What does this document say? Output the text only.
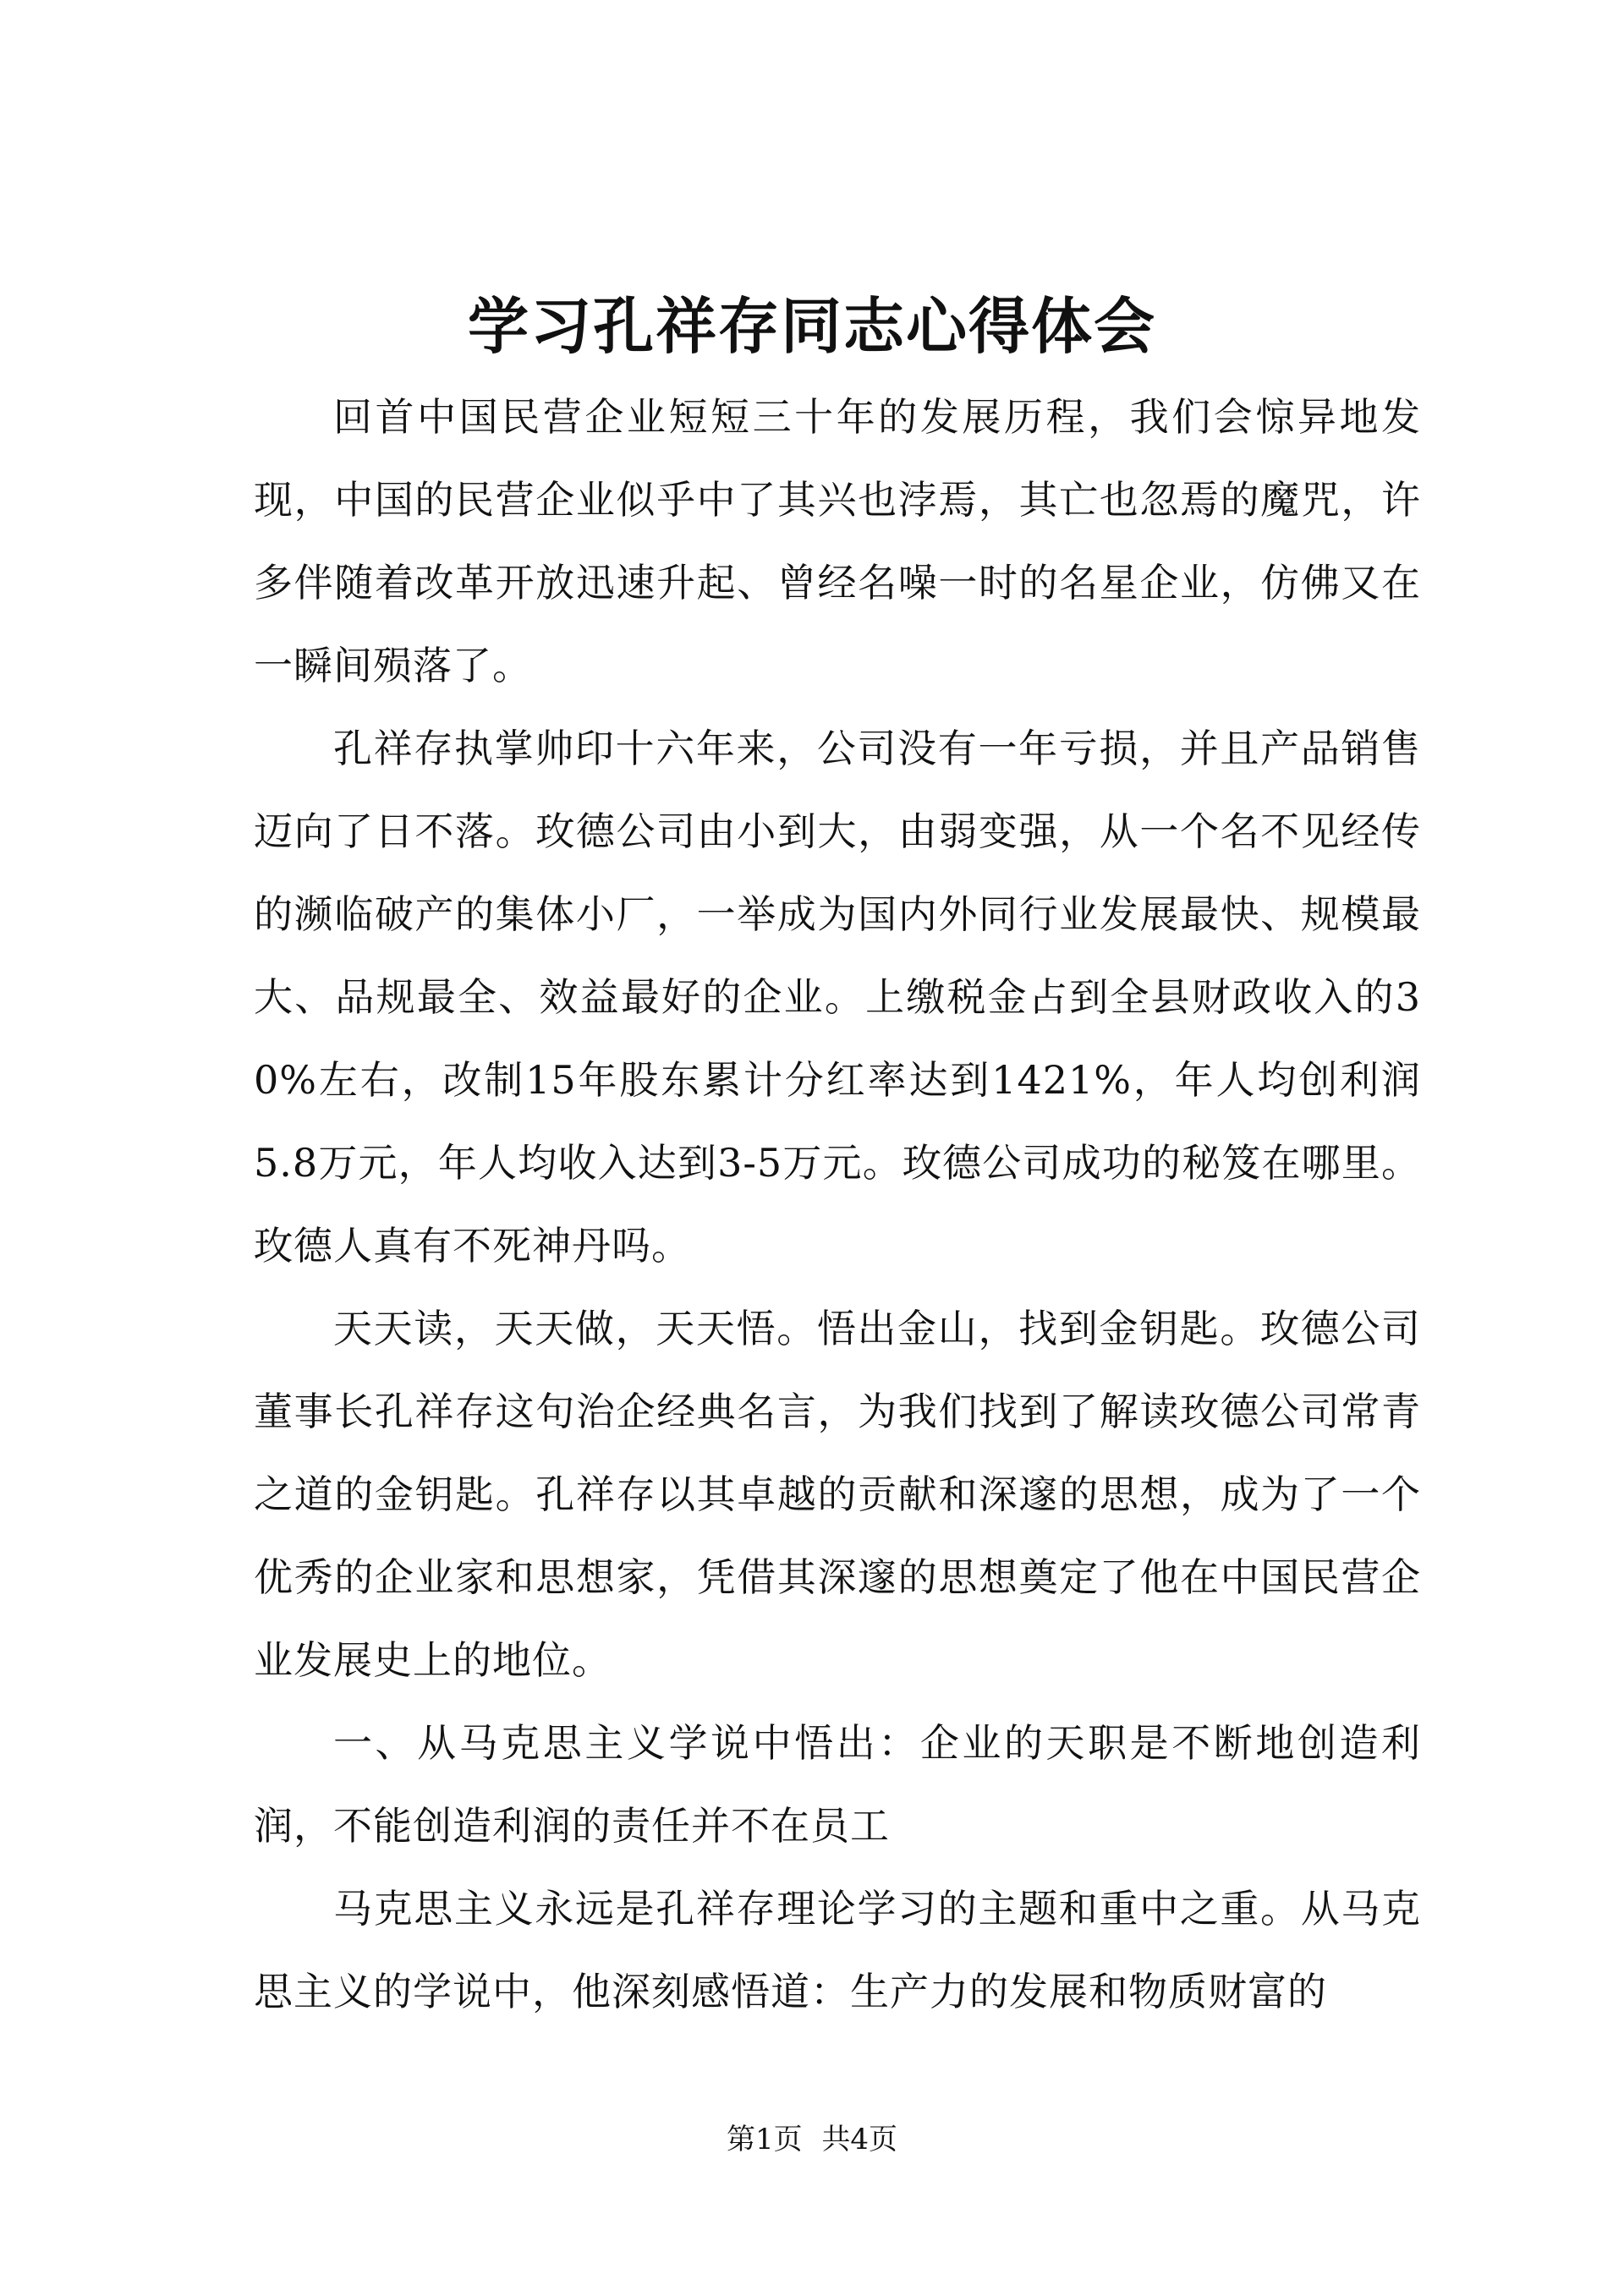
学习孔祥存同志心得体会

回首中国民营企业短短三十年的发展历程，我们会惊异地发现，中国的民营企业似乎中了其兴也浡焉，其亡也忽焉的魔咒，许多伴随着改革开放迅速升起、曾经名噪一时的名星企业，仿佛又在一瞬间殒落了。

孔祥存执掌帅印十六年来，公司没有一年亏损，并且产品销售迈向了日不落。玫德公司由小到大，由弱变强，从一个名不见经传的濒临破产的集体小厂，一举成为国内外同行业发展最快、规模最大、品规最全、效益最好的企业。上缴税金占到全县财政收入的30%左右，改制15年股东累计分红率达到1421%，年人均创利润5.8万元，年人均收入达到3-5万元。玫德公司成功的秘笈在哪里。玫德人真有不死神丹吗。

天天读，天天做，天天悟。悟出金山，找到金钥匙。玫德公司董事长孔祥存这句治企经典名言，为我们找到了解读玫德公司常青之道的金钥匙。孔祥存以其卓越的贡献和深邃的思想，成为了一个优秀的企业家和思想家，凭借其深邃的思想奠定了他在中国民营企业发展史上的地位。

一、从马克思主义学说中悟出：企业的天职是不断地创造利润，不能创造利润的责任并不在员工

马克思主义永远是孔祥存理论学习的主题和重中之重。从马克思主义的学说中，他深刻感悟道：生产力的发展和物质财富的

第1页 共4页
